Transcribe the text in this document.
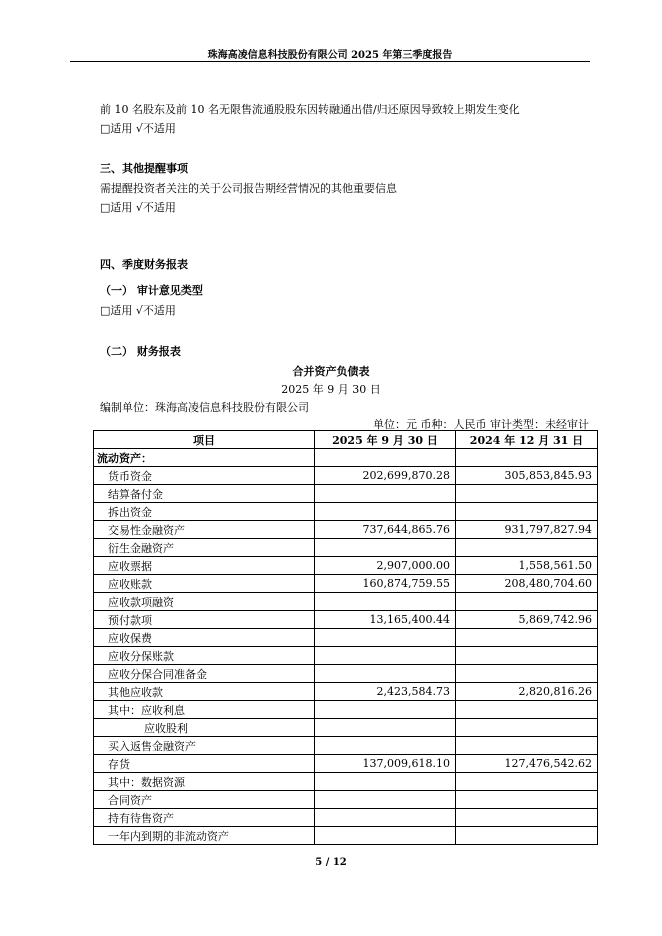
珠海高凌信息科技股份有限公司 2025 年第三季度报告
前 10 名股东及前 10 名无限售流通股股东因转融通出借/归还原因导致较上期发生变化
□适用 √不适用
三、其他提醒事项
需提醒投资者关注的关于公司报告期经营情况的其他重要信息
□适用 √不适用
四、季度财务报表
（一） 审计意见类型
□适用 √不适用
（二） 财务报表
合并资产负债表
2025 年 9 月 30 日
编制单位：珠海高凌信息科技股份有限公司
单位：元 币种：人民币 审计类型：未经审计
项目	2025 年 9 月 30 日	2024 年 12 月 31 日
流动资产：		
货币资金	202,699,870.28	305,853,845.93
结算备付金		
拆出资金		
交易性金融资产	737,644,865.76	931,797,827.94
衍生金融资产		
应收票据	2,907,000.00	1,558,561.50
应收账款	160,874,759.55	208,480,704.60
应收款项融资		
预付款项	13,165,400.44	5,869,742.96
应收保费		
应收分保账款		
应收分保合同准备金		
其他应收款	2,423,584.73	2,820,816.26
其中：应收利息		
应收股利		
买入返售金融资产		
存货	137,009,618.10	127,476,542.62
其中：数据资源		
合同资产		
持有待售资产		
一年内到期的非流动资产		
5 / 12
